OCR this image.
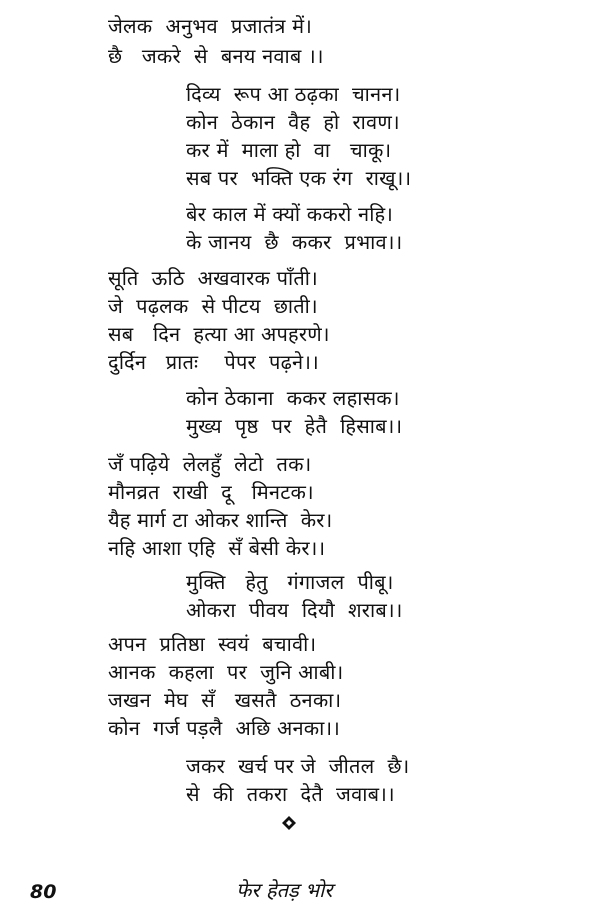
जेलक  अनुभव  प्रजातंत्र में।
छै   जकरे  से  बनय नवाब ।।
दिव्य  रूप आ ठढ़का  चानन।
कोन  ठेकान  वैह  हो  रावण।
कर में  माला हो  वा   चाकू।
सब पर  भक्ति एक रंग  राखू।।
बेर काल में क्यों ककरो नहि।
के जानय  छै  ककर  प्रभाव।।
सूति  ऊठि  अखवारक पाँती।
जे  पढ़लक  से पीटय  छाती।
सब   दिन  हत्या आ अपहरणे।
दुर्दिन   प्रातः    पेपर  पढ़ने।।
कोन ठेकाना  ककर लहासक।
मुख्य  पृष्ठ  पर  हेतै  हिसाब।।
जँ पढ़िये  लेलहुँ  लेटो  तक।
मौनव्रत  राखी  दू   मिनटक।
यैह मार्ग टा ओकर शान्ति  केर।
नहि आशा एहि  सँ बेसी केर।।
मुक्ति   हेतु   गंगाजल  पीबू।
ओकरा  पीवय  दियौ  शराब।।
अपन  प्रतिष्ठा  स्वयं  बचावी।
आनक  कहला  पर  जुनि आबी।
जखन  मेघ  सँ   खसतै  ठनका।
कोन  गर्ज पड़लै  अछि अनका।।
जकर  खर्च पर जे  जीतल  छै।
से  की  तकरा  देतै  जवाब।।
80	फेर हेतड़ भोर
